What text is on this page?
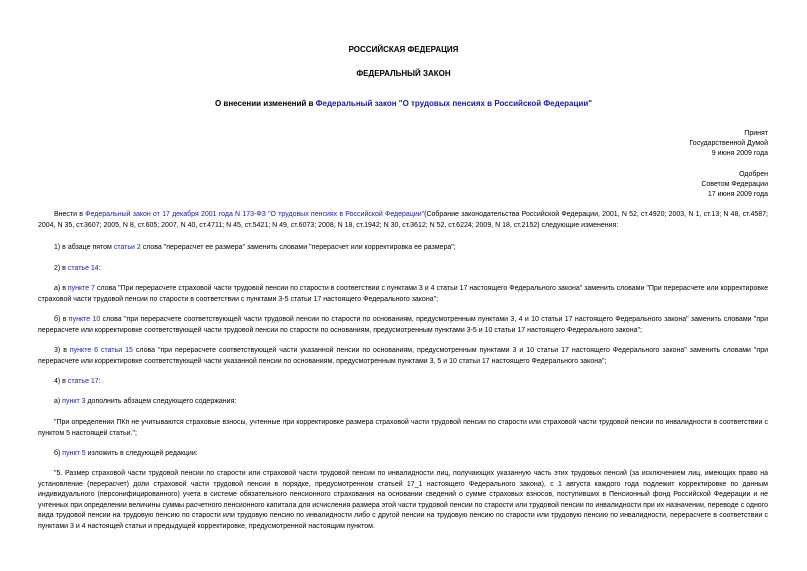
РОССИЙСКАЯ ФЕДЕРАЦИЯ
ФЕДЕРАЛЬНЫЙ ЗАКОН
О внесении изменений в Федеральный закон "О трудовых пенсиях в Российской Федерации"
Принят
Государственной Думой
9 июня 2009 года
Одобрен
Советом Федерации
17 июня 2009 года
Внести в Федеральный закон от 17 декабря 2001 года N 173-ФЗ "О трудовых пенсиях в Российской Федерации"(Собрание законодательства Российской Федерации, 2001, N 52, ст.4920; 2003, N 1, ст.13; N 48, ст.4587; 2004, N 35, ст.3607; 2005, N 8, ст.605; 2007, N 40, ст.4711; N 45, ст.5421; N 49, ст.6073; 2008, N 18, ст.1942; N 30, ст.3612; N 52, ст.6224; 2009, N 18, ст.2152) следующие изменения:
1) в абзаце пятом статьи 2 слова "перерасчет ее размера" заменить словами "перерасчет или корректировка ее размера";
2) в статье 14:
а) в пункте 7 слова "При перерасчете страховой части трудовой пенсии по старости в соответствии с пунктами 3 и 4 статьи 17 настоящего Федерального закона" заменить словами "При перерасчете или корректировке страховой части трудовой пенсии по старости в соответствии с пунктами 3-5 статьи 17 настоящего Федерального закона";
б) в пункте 10 слова "при перерасчете соответствующей части трудовой пенсии по старости по основаниям, предусмотренным пунктами 3, 4 и 10 статьи 17 настоящего Федерального закона" заменить словами "при перерасчете или корректировке соответствующей части трудовой пенсии по старости по основаниям, предусмотренным пунктами 3-5 и 10 статьи 17 настоящего Федерального закона";
3) в пункте 6 статьи 15 слова "при перерасчете соответствующей части указанной пенсии по основаниям, предусмотренным пунктами 3 и 10 статьи 17 настоящего Федерального закона" заменить словами "при перерасчете или корректировке соответствующей части указанной пенсии по основаниям, предусмотренным пунктами 3, 5 и 10 статьи 17 настоящего Федерального закона";
4) в статье 17:
а) пункт 3 дополнить абзацем следующего содержания:
"При определении ПКп не учитываются страховые взносы, учтенные при корректировке размера страховой части трудовой пенсии по старости или страховой части трудовой пенсии по инвалидности в соответствии с пунктом 5 настоящей статьи.";
б) пункт 5 изложить в следующей редакции:
"5. Размер страховой части трудовой пенсии по старости или страховой части трудовой пенсии по инвалидности лиц, получающих указанную часть этих трудовых пенсий (за исключением лиц, имеющих право на установление (перерасчет) доли страховой части трудовой пенсии в порядке, предусмотренном статьей 17_1 настоящего Федерального закона), с 1 августа каждого года подлежит корректировке по данным индивидуального (персонифицированного) учета в системе обязательного пенсионного страхования на основании сведений о сумме страховых взносов, поступивших в Пенсионный фонд Российской Федерации и не учтенных при определении величины суммы расчетного пенсионного капитала для исчисления размера этой части трудовой пенсии по старости или трудовой пенсии по инвалидности при их назначении, переводе с одного вида трудовой пенсии на трудовую пенсию по старости или трудовую пенсию по инвалидности либо с другой пенсии на трудовую пенсию по старости или трудовую пенсию по инвалидности, перерасчете в соответствии с пунктами 3 и 4 настоящей статьи и предыдущей корректировке, предусмотренной настоящим пунктом.
